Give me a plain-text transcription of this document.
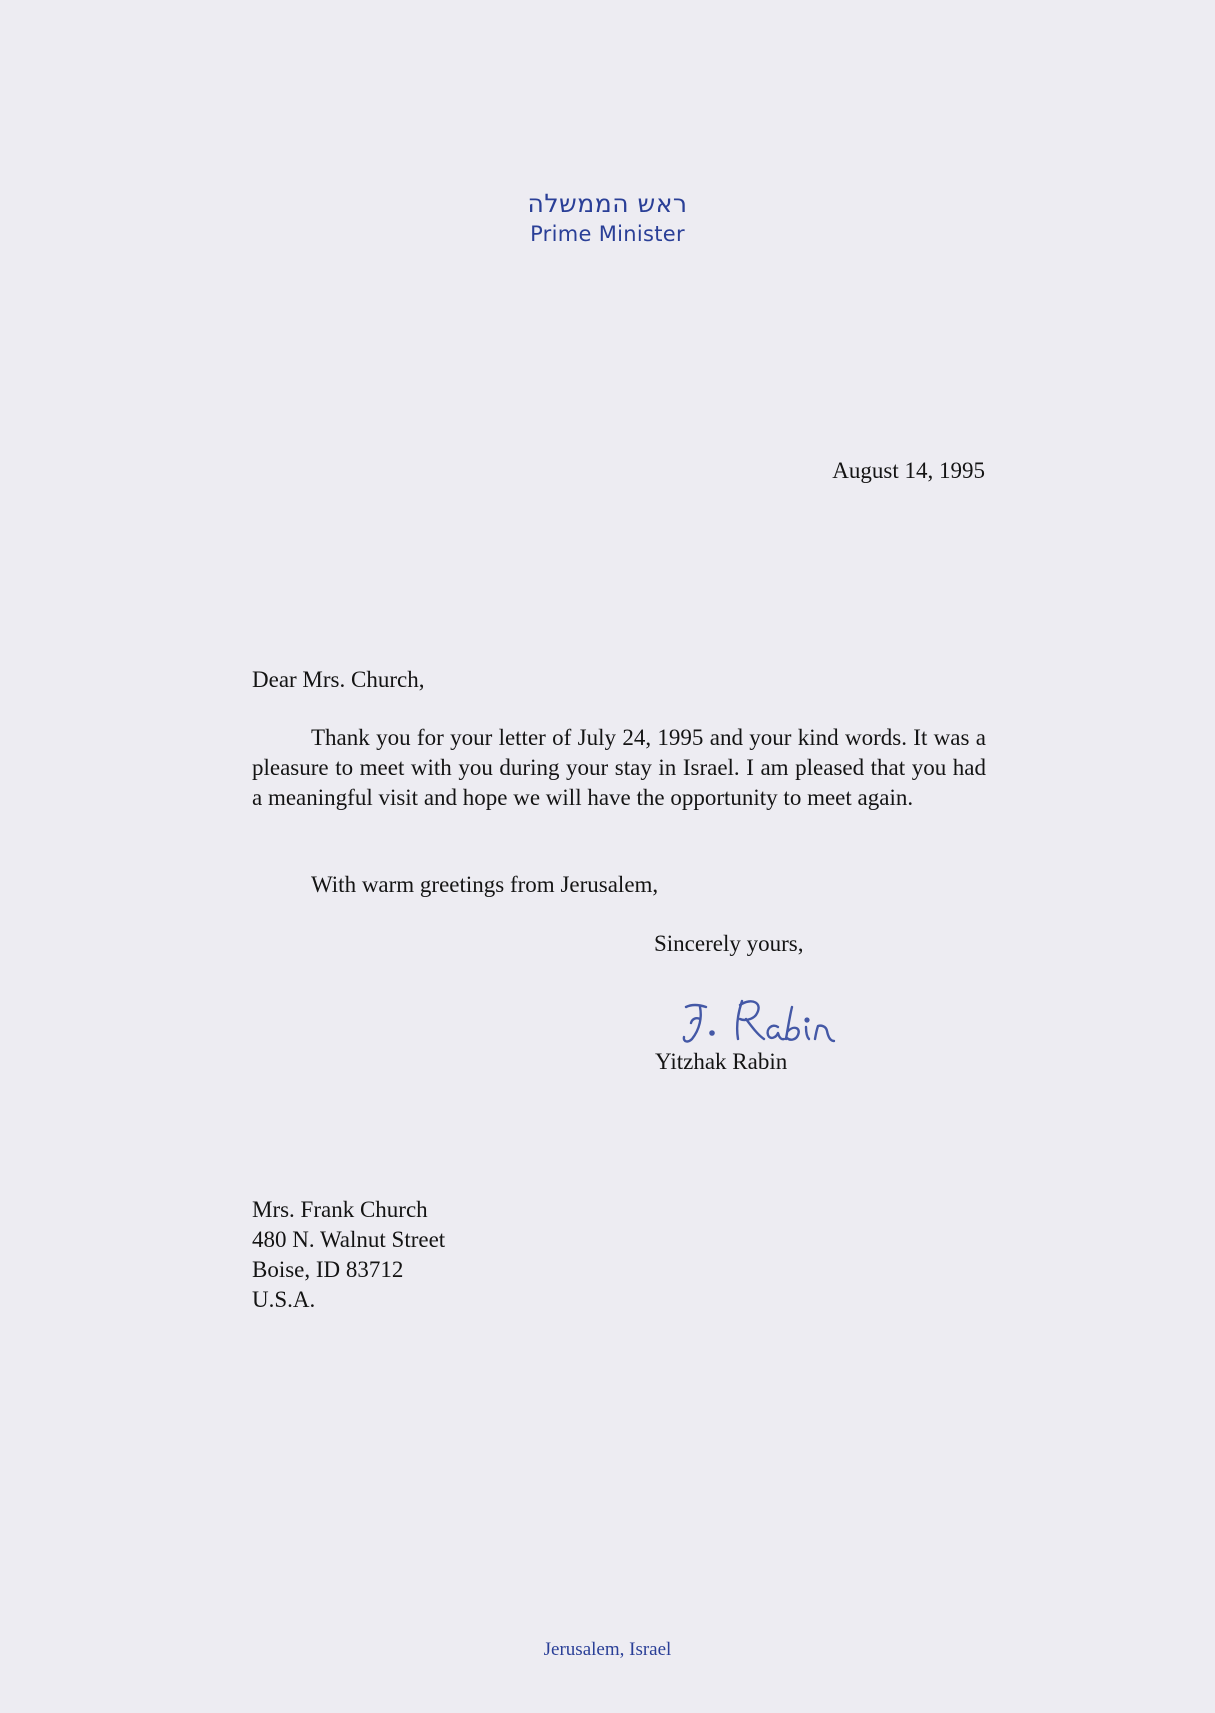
ראש הממשלה
Prime Minister
August 14, 1995
Dear Mrs. Church,
Thank you for your letter of July 24, 1995 and your kind words. It was a pleasure to meet with you during your stay in Israel. I am pleased that you had a meaningful visit and hope we will have the opportunity to meet again.
With warm greetings from Jerusalem,
Sincerely yours,
Yitzhak Rabin
Mrs. Frank Church
480 N. Walnut Street
Boise, ID 83712
U.S.A.
Jerusalem, Israel
